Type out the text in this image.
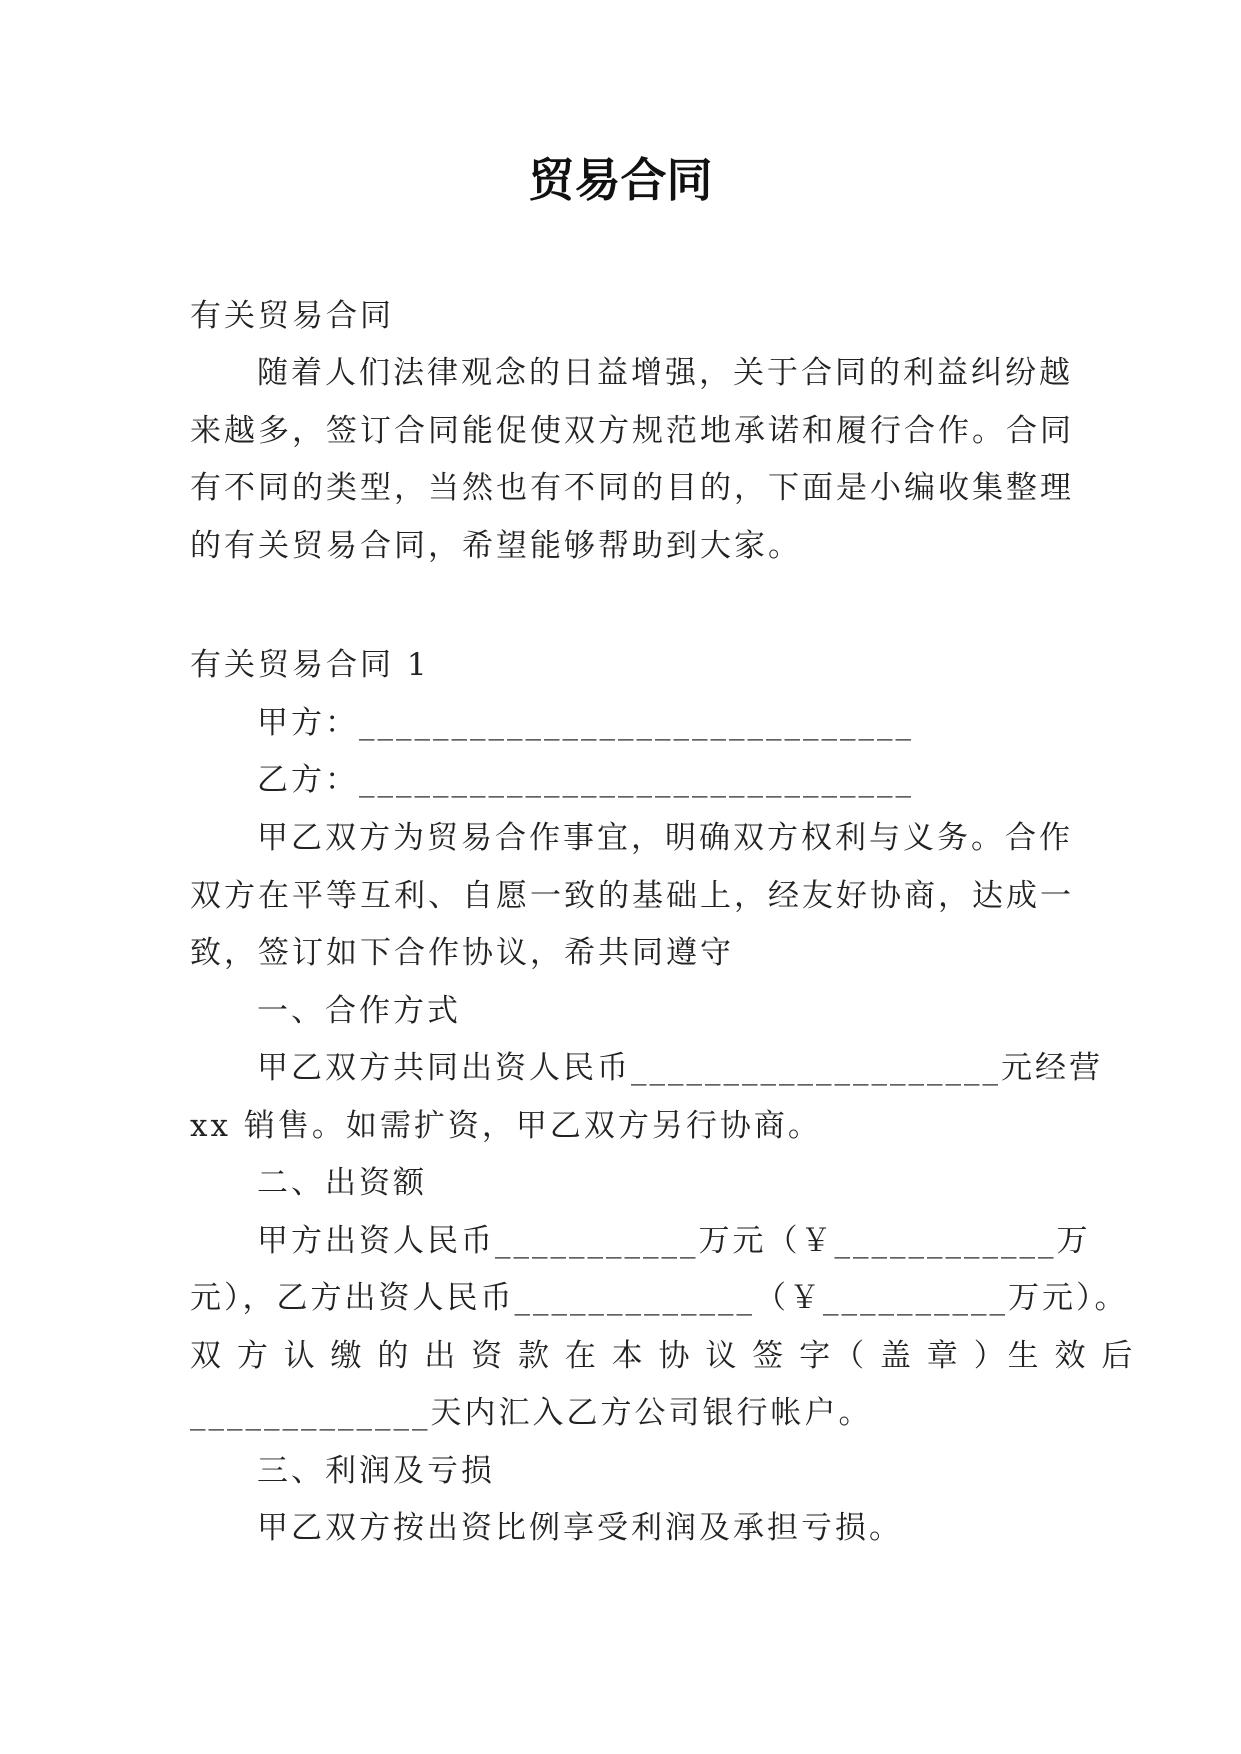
贸易合同
有关贸易合同
随着人们法律观念的日益增强，关于合同的利益纠纷越
来越多，签订合同能促使双方规范地承诺和履行合作。合同
有不同的类型，当然也有不同的目的，下面是小编收集整理
的有关贸易合同，希望能够帮助到大家。
有关贸易合同 1
甲方：______________________________
乙方：______________________________
甲乙双方为贸易合作事宜，明确双方权利与义务。合作
双方在平等互利、自愿一致的基础上，经友好协商，达成一
致，签订如下合作协议，希共同遵守
一、合作方式
甲乙双方共同出资人民币____________________元经营
xx 销售。如需扩资，甲乙双方另行协商。
二、出资额
甲方出资人民币___________万元（￥____________万
元），乙方出资人民币_____________（￥__________万元）。
双 方 认 缴 的 出 资 款 在 本 协 议 签 字（ 盖 章 ）生 效 后
_____________天内汇入乙方公司银行帐户。
三、利润及亏损
甲乙双方按出资比例享受利润及承担亏损。
